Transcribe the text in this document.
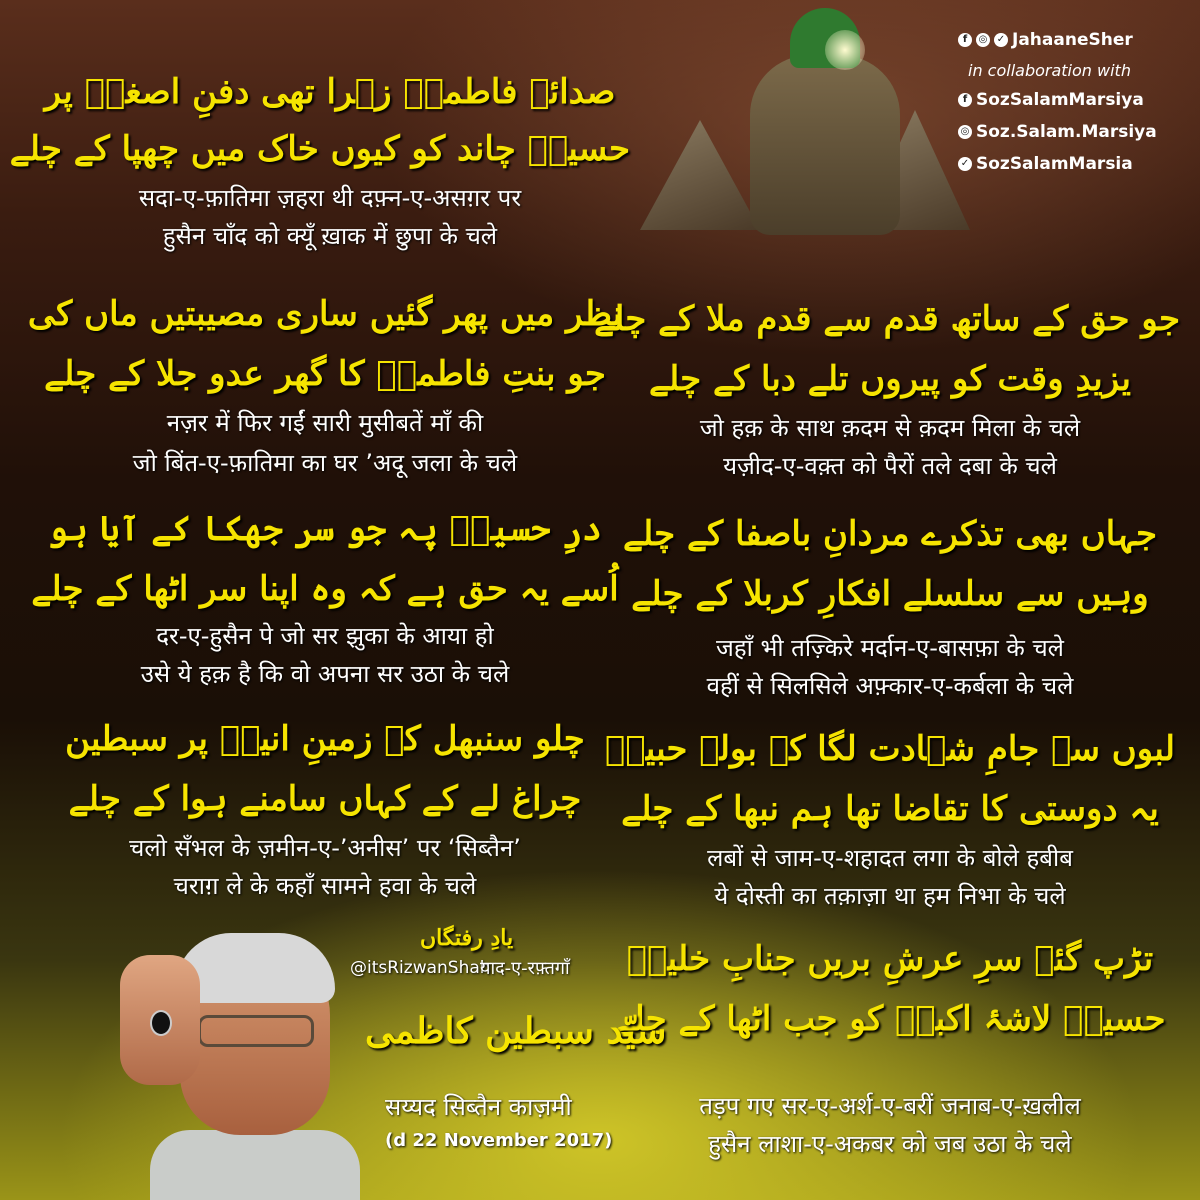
f	◎ ✓ JahaaneSher
in collaboration with
f SozSalamMarsiya
◎ Soz.Salam.Marsiya
✓ SozSalamMarsia
صدائے فاطمہؑ زہرا تھی دفنِ اصغرؑ پر
حسینؑ چاند کو کیوں خاک میں چھپا کے چلے
सदा-ए-फ़ातिमा ज़हरा थी दफ़्न-ए-असग़र पर
हुसैन चाँद को क्यूँ ख़ाक में छुपा के चले
نظر میں پھر گئیں ساری مصیبتیں ماں کی
جو بنتِ فاطمہؑ کا گھر عدو جلا کے چلے
नज़र में फिर गईं सारी मुसीबतें माँ की
जो बिंत-ए-फ़ातिमा का घर ’अदू जला के चले
درِ حسینؑ پہ جو سر جھکا کے آیا ہو
اُسے یہ حق ہے کہ وہ اپنا سر اٹھا کے چلے
दर-ए-हुसैन पे जो सर झुका के आया हो
उसे ये हक़ है कि वो अपना सर उठा के चले
چلو سنبھل کے زمینِ انیسؔ پر سبطین
چراغ لے کے کہاں سامنے ہوا کے چلے
चलो सँभल के ज़मीन-ए-’अनीस’ पर ‘सिब्तैन’
चराग़ ले के कहाँ सामने हवा के चले
جو حق کے ساتھ قدم سے قدم ملا کے چلے
یزیدِ وقت کو پیروں تلے دبا کے چلے
जो हक़ के साथ क़दम से क़दम मिला के चले
यज़ीद-ए-वक़्त को पैरों तले दबा के चले
جہاں بھی تذکرے مردانِ باصفا کے چلے
وہیں سے سلسلے افکارِ کربلا کے چلے
जहाँ भी तज़्किरे मर्दान-ए-बासफ़ा के चले
वहीं से सिलसिले अफ़्कार-ए-कर्बला के चले
لبوں سے جامِ شہادت لگا کے بولے حبیبؑ
یہ دوستی کا تقاضا تھا ہم نبھا کے چلے
लबों से जाम-ए-शहादत लगा के बोले हबीब
ये दोस्ती का तक़ाज़ा था हम निभा के चले
تڑپ گئے سرِ عرشِ بریں جنابِ خلیلؑ
حسینؑ لاشۂ اکبرؑ کو جب اٹھا کے چلے
तड़प गए सर-ए-अर्श-ए-बरीं जनाब-ए-ख़लील
हुसैन लाशा-ए-अकबर को जब उठा के चले
یادِ رفتگاں
@itsRizwanShah
याद-ए-रफ़्तगाँ
سیّد سبطین کاظمی
सय्यद सिब्तैन काज़मी
(d 22 November 2017)
